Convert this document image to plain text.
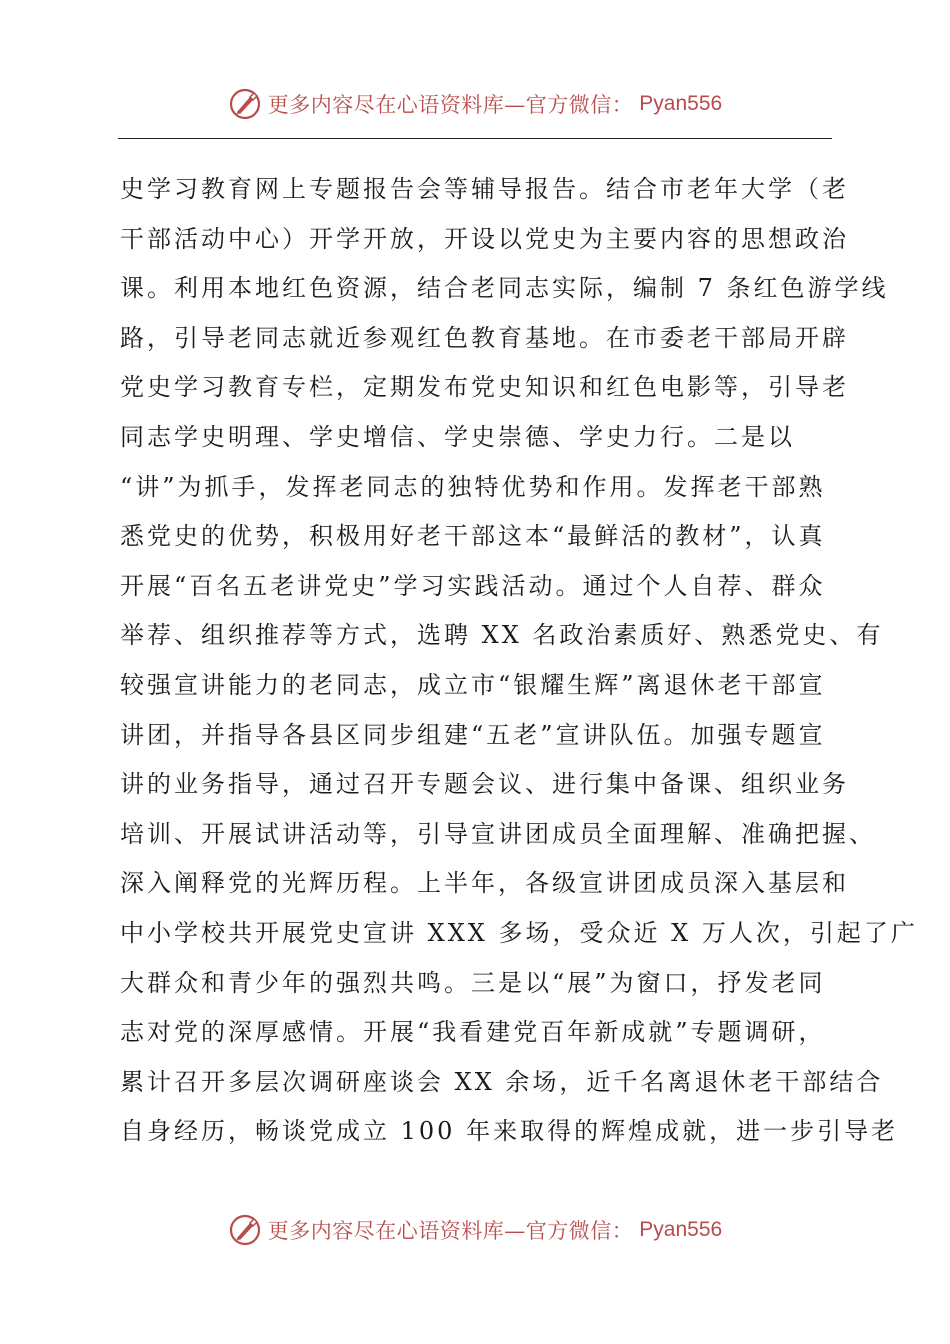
更多内容尽在心语资料库—官方微信： Pyan556
史学习教育网上专题报告会等辅导报告。结合市老年大学（老
干部活动中心）开学开放，开设以党史为主要内容的思想政治
课。利用本地红色资源，结合老同志实际，编制 7 条红色游学线
路，引导老同志就近参观红色教育基地。在市委老干部局开辟
党史学习教育专栏，定期发布党史知识和红色电影等，引导老
同志学史明理、学史增信、学史崇德、学史力行。二是以
“讲”为抓手，发挥老同志的独特优势和作用。发挥老干部熟
悉党史的优势，积极用好老干部这本“最鲜活的教材”，认真
开展“百名五老讲党史”学习实践活动。通过个人自荐、群众
举荐、组织推荐等方式，选聘 XX 名政治素质好、熟悉党史、有
较强宣讲能力的老同志，成立市“银耀生辉”离退休老干部宣
讲团，并指导各县区同步组建“五老”宣讲队伍。加强专题宣
讲的业务指导，通过召开专题会议、进行集中备课、组织业务
培训、开展试讲活动等，引导宣讲团成员全面理解、准确把握、
深入阐释党的光辉历程。上半年，各级宣讲团成员深入基层和
中小学校共开展党史宣讲 XXX 多场，受众近 X 万人次，引起了广
大群众和青少年的强烈共鸣。三是以“展”为窗口，抒发老同
志对党的深厚感情。开展“我看建党百年新成就”专题调研，
累计召开多层次调研座谈会 XX 余场，近千名离退休老干部结合
自身经历，畅谈党成立 100 年来取得的辉煌成就，进一步引导老
更多内容尽在心语资料库—官方微信： Pyan556
